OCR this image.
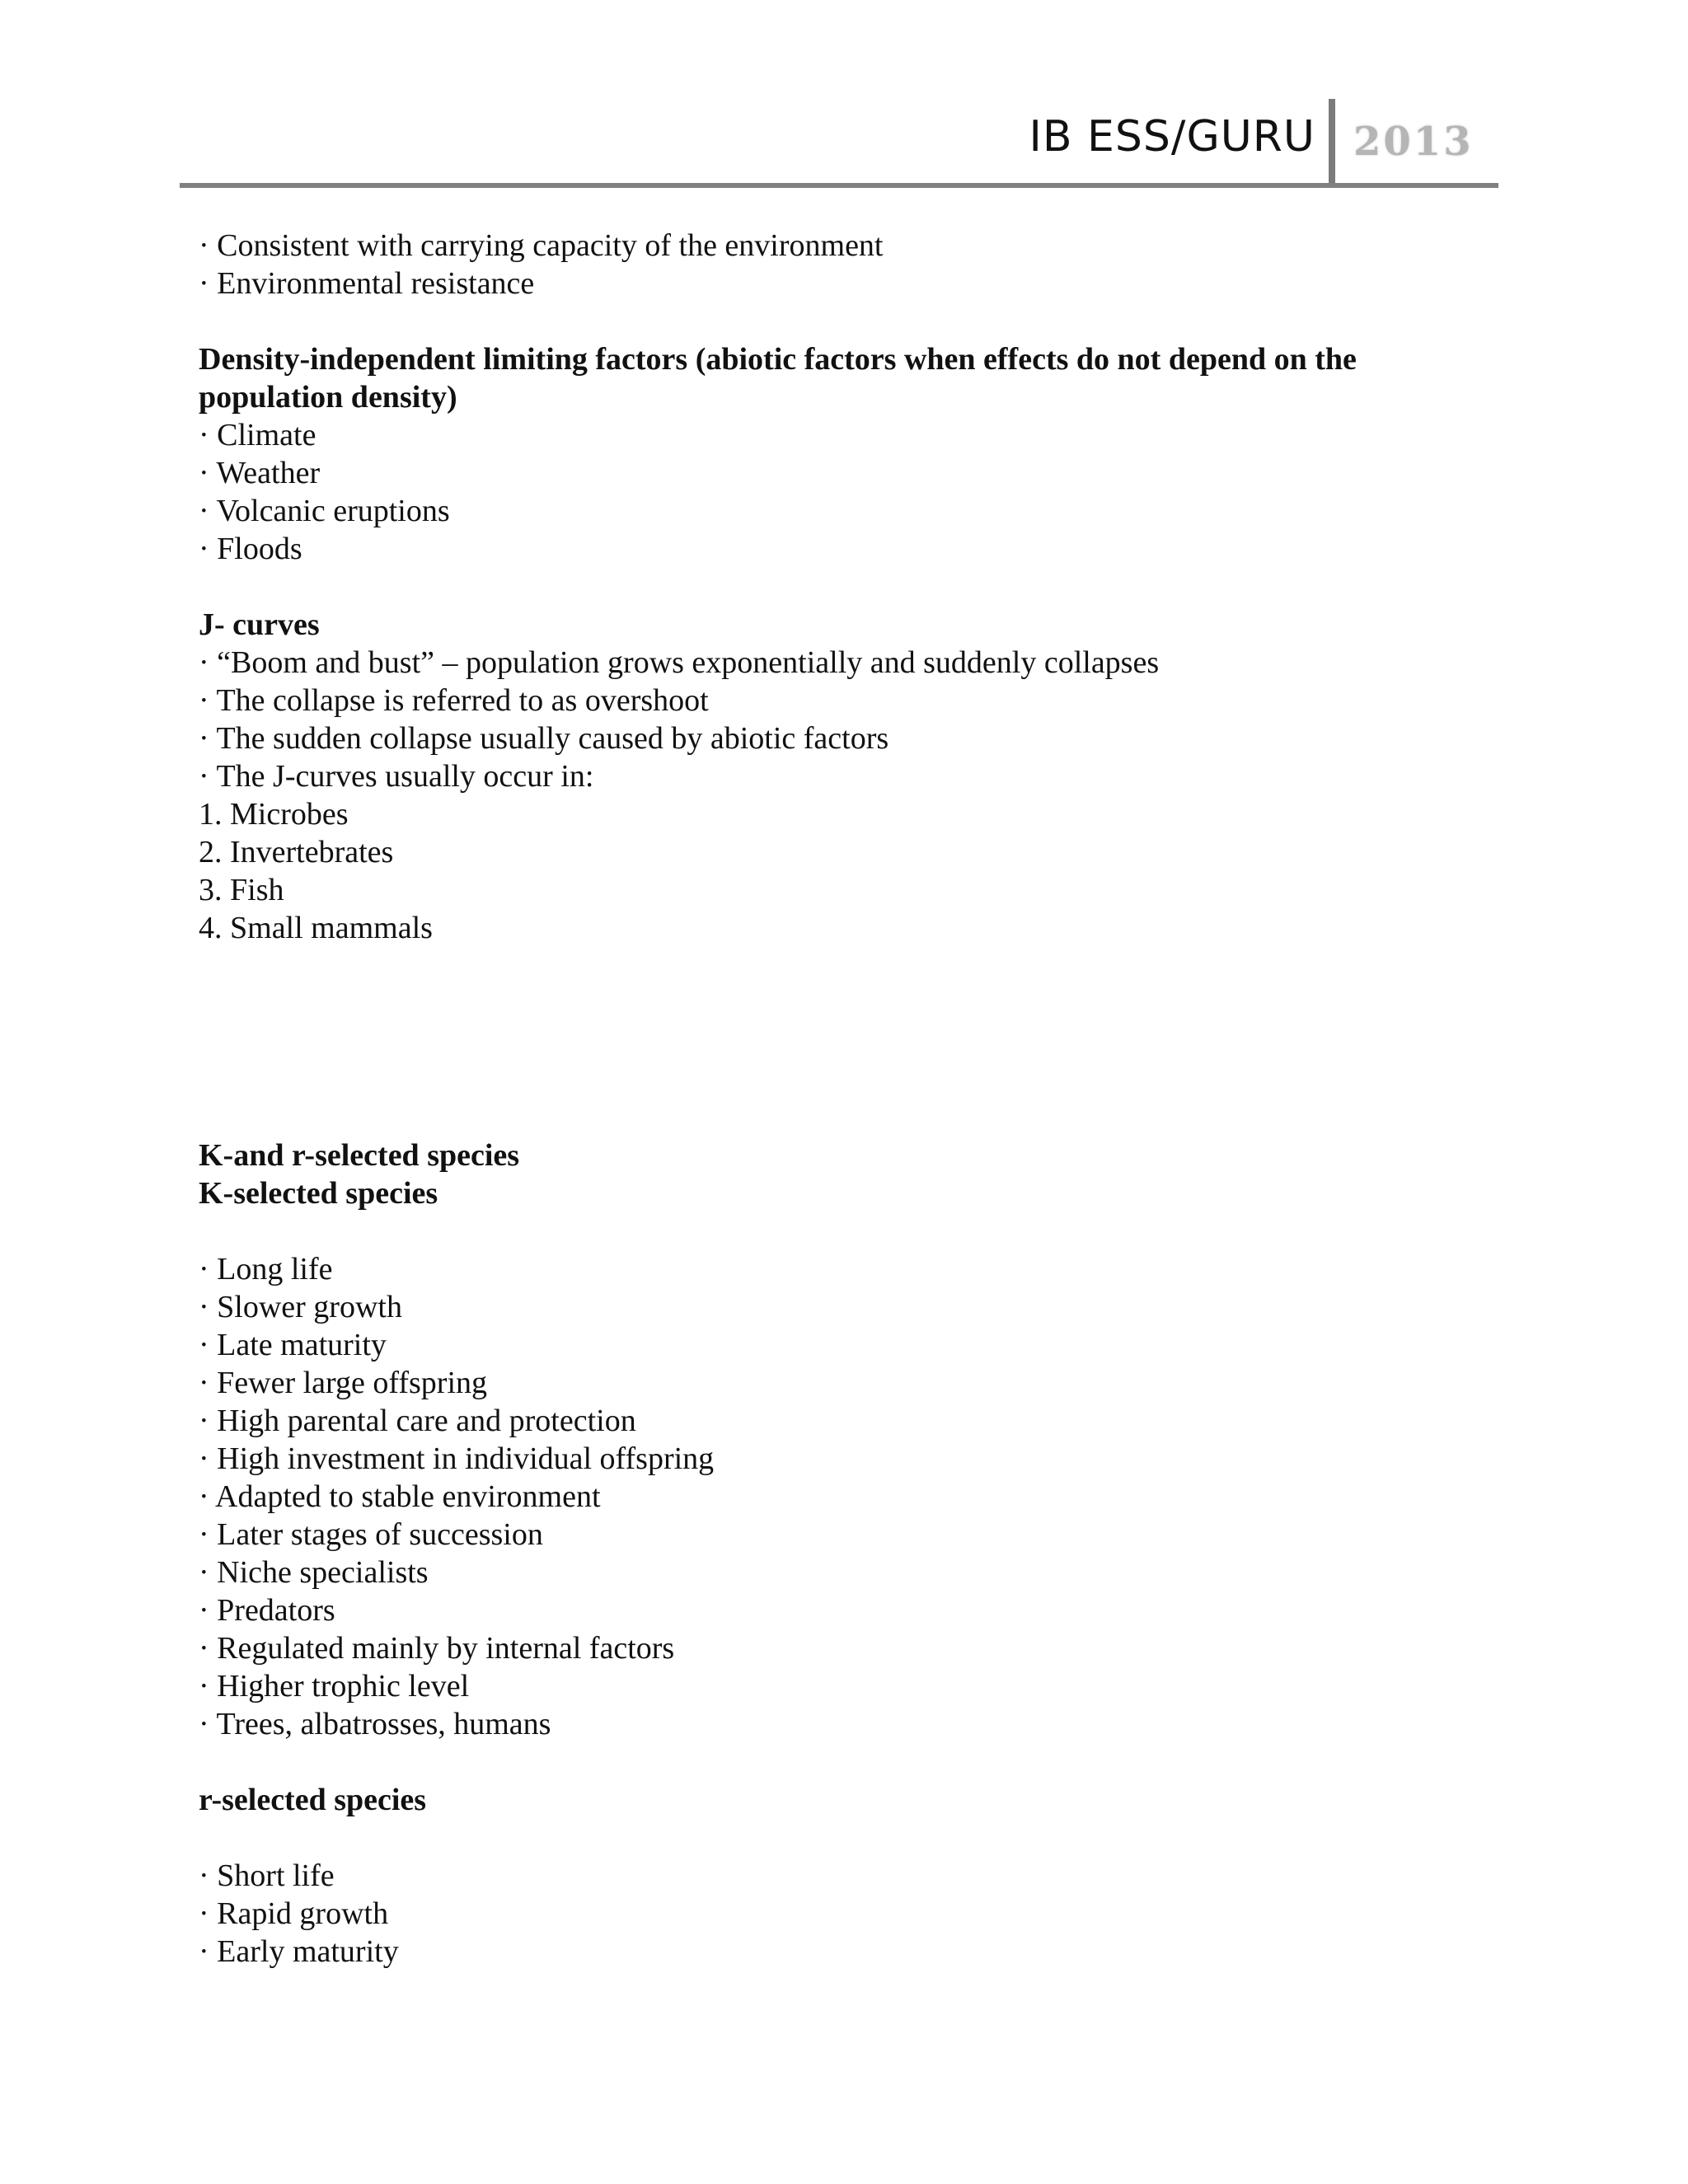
IB ESS/GURU 2013
· Consistent with carrying capacity of the environment
· Environmental resistance
Density-independent limiting factors (abiotic factors when effects do not depend on the
population density)
· Climate
· Weather
· Volcanic eruptions
· Floods
J- curves
· “Boom and bust” – population grows exponentially and suddenly collapses
· The collapse is referred to as overshoot
· The sudden collapse usually caused by abiotic factors
· The J-curves usually occur in:
1. Microbes
2. Invertebrates
3. Fish
4. Small mammals
K-and r-selected species
K-selected species
· Long life
· Slower growth
· Late maturity
· Fewer large offspring
· High parental care and protection
· High investment in individual offspring
· Adapted to stable environment
· Later stages of succession
· Niche specialists
· Predators
· Regulated mainly by internal factors
· Higher trophic level
· Trees, albatrosses, humans
r-selected species
· Short life
· Rapid growth
· Early maturity
